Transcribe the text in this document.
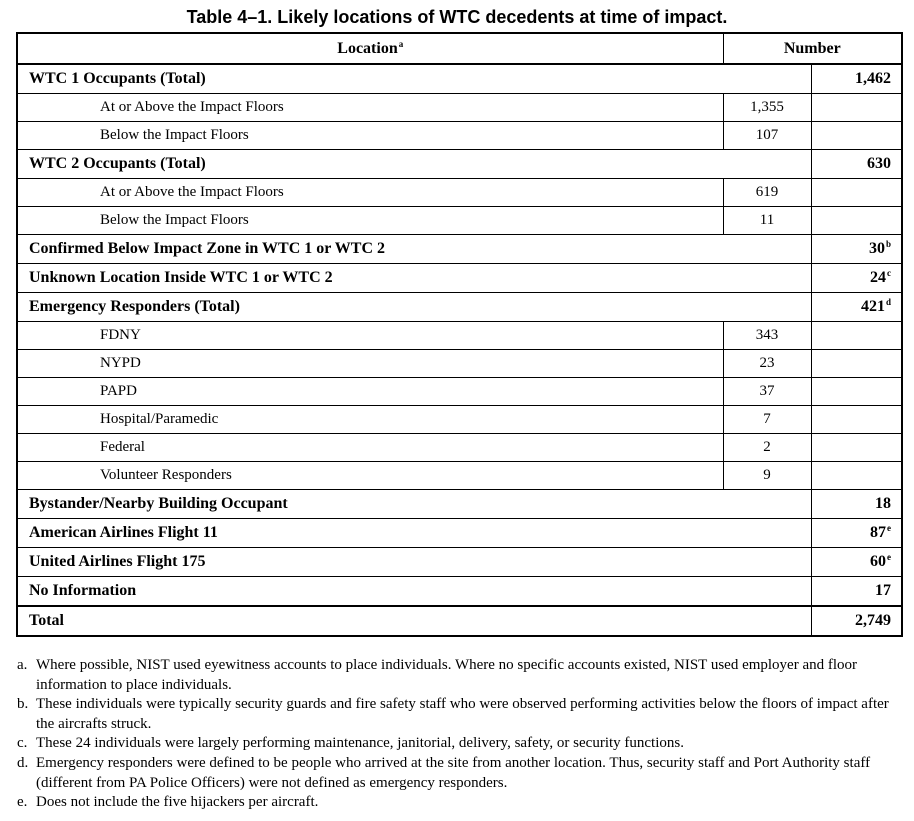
Table 4–1. Likely locations of WTC decedents at time of impact.
Location$^a$	Number	
WTC 1 Occupants (Total)		1,462
At or Above the Impact Floors	1,355	
Below the Impact Floors	107	
WTC 2 Occupants (Total)		630
At or Above the Impact Floors	619	
Below the Impact Floors	11	
Confirmed Below Impact Zone in WTC 1 or WTC 2		30$^b$
Unknown Location Inside WTC 1 or WTC 2		24$^c$
Emergency Responders (Total)		421$^d$
FDNY	343	
NYPD	23	
PAPD	37	
Hospital/Paramedic	7	
Federal	2	
Volunteer Responders	9	
Bystander/Nearby Building Occupant		18
American Airlines Flight 11		87e
United Airlines Flight 175		60e
No Information		17
Total		2,749

a. Where possible, NIST used eyewitness accounts to place individuals. Where no specific accounts existed, NIST used employer and floor information to place individuals.

b. These individuals were typically security guards and fire safety staff who were observed performing activities below the floors of impact after the aircrafts struck.

c. These 24 individuals were largely performing maintenance, janitorial, delivery, safety, or security functions.

d. Emergency responders were defined to be people who arrived at the site from another location. Thus, security staff and Port Authority staff (different from PA Police Officers) were not defined as emergency responders.

e. Does not include the five hijackers per aircraft.
